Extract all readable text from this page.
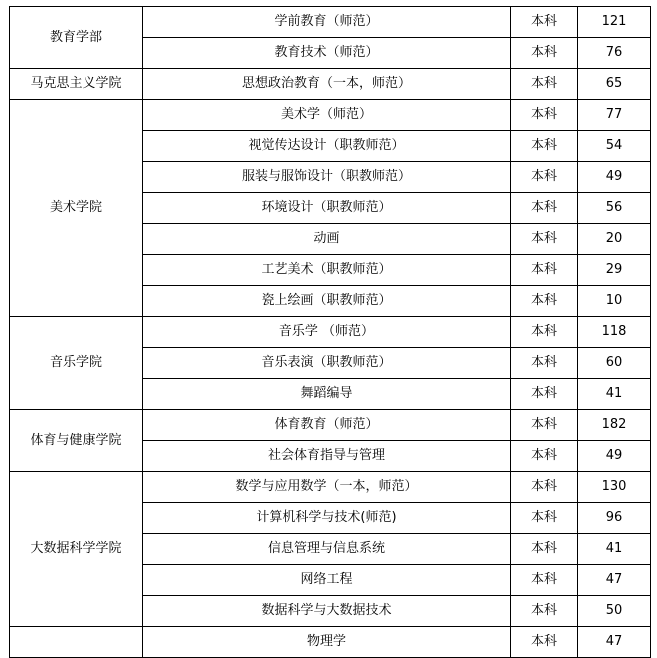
教育学部	学前教育（师范）	本科	121
	教育技术（师范）	本科	76
马克思主义学院	思想政治教育（一本，师范）	本科	65
美术学院	美术学（师范）	本科	77
	视觉传达设计（职教师范）	本科	54
	服装与服饰设计（职教师范）	本科	49
	环境设计（职教师范）	本科	56
	动画	本科	20
	工艺美术（职教师范）	本科	29
	瓷上绘画（职教师范）	本科	10
音乐学院	音乐学 （师范）	本科	118
	音乐表演（职教师范）	本科	60
	舞蹈编导	本科	41
体育与健康学院	体育教育（师范）	本科	182
	社会体育指导与管理	本科	49
大数据科学学院	数学与应用数学（一本，师范）	本科	130
	计算机科学与技术(师范)	本科	96
	信息管理与信息系统	本科	41
	网络工程	本科	47
	数据科学与大数据技术	本科	50
	物理学	本科	47
